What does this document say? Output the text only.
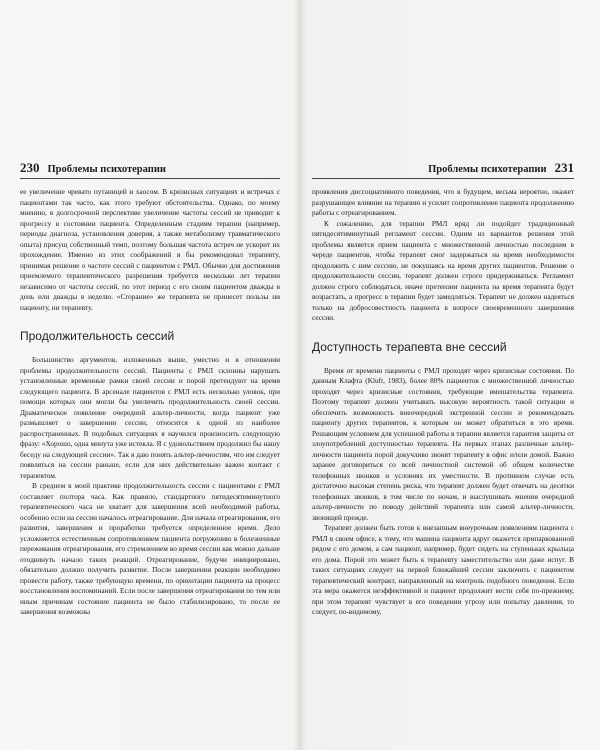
230 Проблемы психотерапии

ее увеличение чревато путаницей и хаосом. В кризисных ситуациях и встречах с пациентами так часто, как этого требуют обстоятельства. Однако, по моему мнению, в долгосрочной перспективе увеличение частоты сессий не приводит к прогрессу в состоянии пациента. Определенным стадиям терапии (например, периоды диагноза, установления доверия, а также метаболизму травматического опыта) присущ собственный темп, поэтому большая частота встреч не ускорит их прохождение. Именно из этих соображений я бы рекомендовал терапевту, принимая решение о частоте сессий с пациентом с РМЛ. Обычно для достижения приемлемого терапевтического разрешения требуется несколько лет терапии независимо от частоты сессий, по этот период с его своим пациентом дважды в день или дважды в неделю. «Сгорание» же терапевта не принесет пользы ни пациенту, ни терапевту.

Продолжительность сессий

Большинство аргументов, изложенных выше, уместно и в отношении проблемы продолжительности сессий. Пациенты с РМЛ склонны нарушать установленные временные рамки своей сессии и порой претендуют на время следующего пациента. В арсенале пациентов с РМЛ есть несколько уловок, при помощи которых они могли бы увеличить продолжительность своей сессии. Драматическое появление очередной альтер-личности, когда пациент уже размышляет о завершении сессии, относится к одной из наиболее распространенных. В подобных ситуациях я научился произносить следующую фразу: «Хорошо, одна минута уже истекла. Я с удовольствием продолжил бы нашу беседу на следующей сессии». Так я даю понять альтер-личностям, что им следует появляться на сессии раньше, если для них действительно важен контакт с терапевтом.

В среднем в моей практике продолжительность сессии с пациентами с РМЛ составляет полтора часа. Как правило, стандартного пятидесятиминутного терапевтического часа не хватает для завершения всей необходимой работы, особенно если на сессии началось отреагирование. Для начала отреагирования, его развития, завершения и проработки требуется определенное время. Дело усложняется естественным сопротивлением пациента погружению в болезненные переживания отреагирования, его стремлением во время сессии как можно дальше отодвинуть начало таких реакций. Отреагирование, будучи инициировано, обязательно должно получить развитие. После завершения реакции необходимо провести работу, также требующую времени, по ориентации пациента на процесс восстановления воспоминаний. Если после завершения отреагирования по тем или иным причинам состояние пациента не было стабилизировано, то после ее завершения возможны

Проблемы психотерапии 231

проявления диссоциативного поведения, что в будущем, весьма вероятно, окажет разрушающее влияние на терапию и усилит сопротивление пациента продолжению работы с отреагированием.

К сожалению, для терапии РМЛ вряд ли подойдет традиционный пятидесятиминутный регламент сессии. Одним из вариантов решения этой проблемы является прием пациента с множественной личностью последним в череде пациентов, чтобы терапевт смог задержаться на время необходимости продолжить с ним сессию, не покушаясь на время других пациентов. Решение о продолжительности сессии, терапевт должен строго придерживаться. Регламент должен строго соблюдаться, иначе претензии пациента на время терапевта будут возрастать, а прогресс в терапии будет замедляться. Терапевт не должен надеяться только на добросовестность пациента в вопросе своевременного завершения сессии.

Доступность терапевта вне сессий

Время от времени пациенты с РМЛ проходят через кризисные состояния. По данным Клафта (Kluft, 1983), более 80% пациентов с множественной личностью проходят через кризисные состояния, требующие вмешательства терапевта. Поэтому терапевт должен учитывать высокую вероятность такой ситуации и обеспечить возможность внеочередной экстренной сессии и рекомендовать пациенту других терапевтов, к которым он может обратиться в это время. Решающим условием для успешной работы в терапии является гарантия защиты от злоупотреблений доступностью терапевта. На первых этапах различные альтер-личности пациента порой докучливо звонят терапевту в офис и/или домой. Важно заранее договориться со всей личностной системой об общем количестве телефонных звонков и условиях их уместности. В противном случае есть достаточно высокая степень риска, что терапевт должен будет отвечать на десятки телефонных звонков, в том числе по ночам, и выслушивать мнения очередной альтер-личности по поводу действий терапевта или самой альтер-личности, звонящей прежде.

Терапевт должен быть готов к внезапным внеурочным появлениям пациента с РМЛ в своем офисе, к тому, что машина пациента вдруг окажется припаркованной рядом с его домом, а сам пациент, например, будет сидеть на ступеньках крыльца его дома. Порой это может быть к терапевту заместительство или даже испуг. В таких ситуациях следует на первой ближайшей сессии заключить с пациентом терапевтический контракт, направленный на контроль подобного поведения. Если эта мера окажется неэффективной и пациент продолжит вести себя по-прежнему, при этом терапевт чувствует в его поведении угрозу или попытку давления, то следует, по-видимому,
